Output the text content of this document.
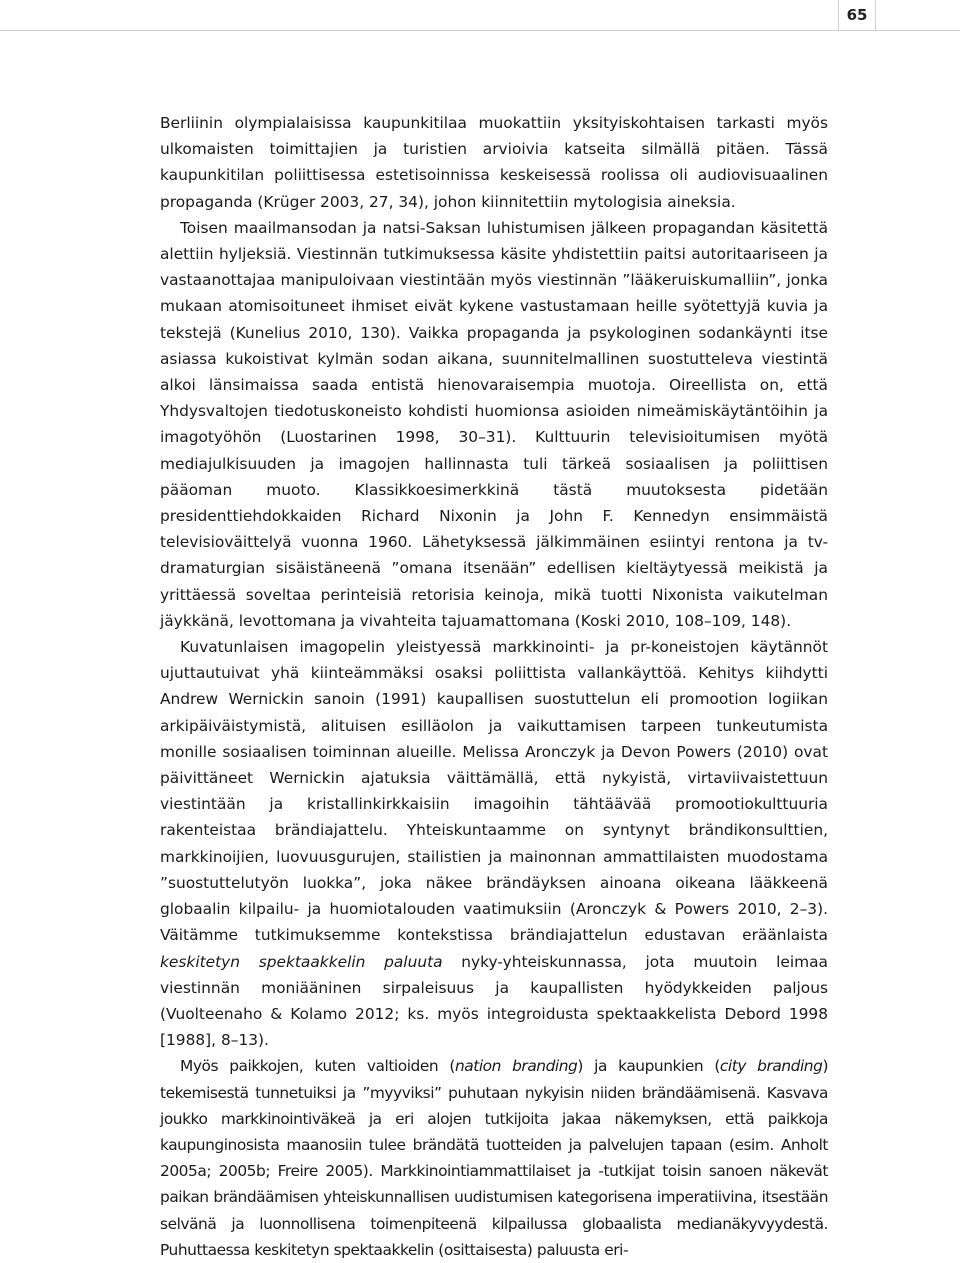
65

Berliinin olympialaisissa kaupunkitilaa muokattiin yksityiskohtaisen tarkasti myös ulkomaisten toimittajien ja turistien arvioivia katseita silmällä pitäen. Tässä kaupunkitilan poliittisessa estetisoinnissa keskeisessä roolissa oli audiovisuaalinen propaganda (Krüger 2003, 27, 34), johon kiinnitettiin mytologisia aineksia.

Toisen maailmansodan ja natsi-Saksan luhistumisen jälkeen propagandan käsitettä alettiin hyljeksiä. Viestinnän tutkimuksessa käsite yhdistettiin paitsi autoritaariseen ja vastaanottajaa manipuloivaan viestintään myös viestinnän ”lääkeruiskumalliin”, jonka mukaan atomisoituneet ihmiset eivät kykene vastustamaan heille syötettyjä kuvia ja tekstejä (Kunelius 2010, 130). Vaikka propaganda ja psykologinen sodankäynti itse asiassa kukoistivat kylmän sodan aikana, suunnitelmallinen suostutteleva viestintä alkoi länsimaissa saada entistä hienovaraisempia muotoja. Oireellista on, että Yhdysvaltojen tiedotuskoneisto kohdisti huomionsa asioiden nimeämiskäytäntöihin ja imagotyöhön (Luostarinen 1998, 30–31). Kulttuurin televisioitumisen myötä mediajulkisuuden ja imagojen hallinnasta tuli tärkeä sosiaalisen ja poliittisen pääoman muoto. Klassikkoesimerkkinä tästä muutoksesta pidetään presidenttiehdokkaiden Richard Nixonin ja John F. Kennedyn ensimmäistä televisioväittelyä vuonna 1960. Lähetyksessä jälkimmäinen esiintyi rentona ja tv-dramaturgian sisäistäneenä ”omana itsenään” edellisen kieltäytyessä meikistä ja yrittäessä soveltaa perinteisiä retorisia keinoja, mikä tuotti Nixonista vaikutelman jäykkänä, levottomana ja vivahteita tajuamattomana (Koski 2010, 108–109, 148).

Kuvatunlaisen imagopelin yleistyessä markkinointi- ja pr-koneistojen käytännöt ujuttautuivat yhä kiinteämmäksi osaksi poliittista vallankäyttöä. Kehitys kiihdytti Andrew Wernickin sanoin (1991) kaupallisen suostuttelun eli promootion logiikan arkipäiväistymistä, alituisen esilläolon ja vaikuttamisen tarpeen tunkeutumista monille sosiaalisen toiminnan alueille. Melissa Aronczyk ja Devon Powers (2010) ovat päivittäneet Wernickin ajatuksia väittämällä, että nykyistä, virtaviivaistettuun viestintään ja kristallinkirkkaisiin imagoihin tähtäävää promootiokulttuuria rakenteistaa brändiajattelu. Yhteiskuntaamme on syntynyt brändikonsulttien, markkinoijien, luovuusgurujen, stailistien ja mainonnan ammattilaisten muodostama ”suostuttelutyön luokka”, joka näkee brändäyksen ainoana oikeana lääkkeenä globaalin kilpailu- ja huomiotalouden vaatimuksiin (Aronczyk & Powers 2010, 2–3). Väitämme tutkimuksemme kontekstissa brändiajattelun edustavan eräänlaista keskitetyn spektaakkelin paluuta nyky-yhteiskunnassa, jota muutoin leimaa viestinnän moniääninen sirpaleisuus ja kaupallisten hyödykkeiden paljous (Vuolteenaho & Kolamo 2012; ks. myös integroidusta spektaakkelista Debord 1998 [1988], 8–13).

Myös paikkojen, kuten valtioiden (nation branding) ja kaupunkien (city branding) tekemisestä tunnetuiksi ja ”myyviksi” puhutaan nykyisin niiden brändäämisenä. Kasvava joukko markkinointiväkeä ja eri alojen tutkijoita jakaa näkemyksen, että paikkoja kaupunginosista maanosiin tulee brändätä tuotteiden ja palvelujen tapaan (esim. Anholt 2005a; 2005b; Freire 2005). Markkinointiammattilaiset ja -tutkijat toisin sanoen näkevät paikan brändäämisen yhteiskunnallisen uudistumisen kategorisena imperatiivina, itsestään selvänä ja luonnollisena toimenpiteenä kilpailussa globaalista medianäkyvyydestä. Puhuttaessa keskitetyn spektaakkelin (osittaisesta) paluusta eri-
